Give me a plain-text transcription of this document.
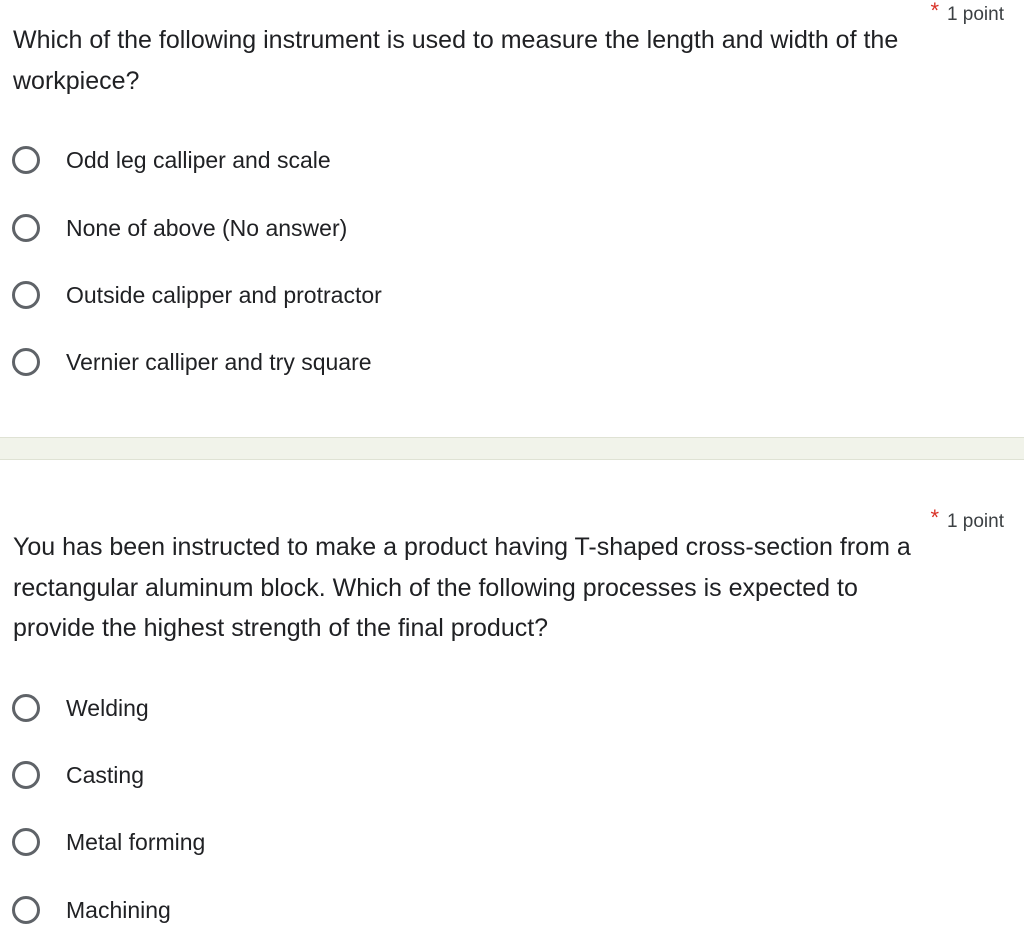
* 1 point

Which of the following instrument is used to measure the length and width of the workpiece?

Odd leg calliper and scale
None of above (No answer)
Outside calipper and protractor
Vernier calliper and try square
* 1 point

You has been instructed to make a product having T-shaped cross-section from a rectangular aluminum block. Which of the following processes is expected to provide the highest strength of the final product?

Welding
Casting
Metal forming
Machining
